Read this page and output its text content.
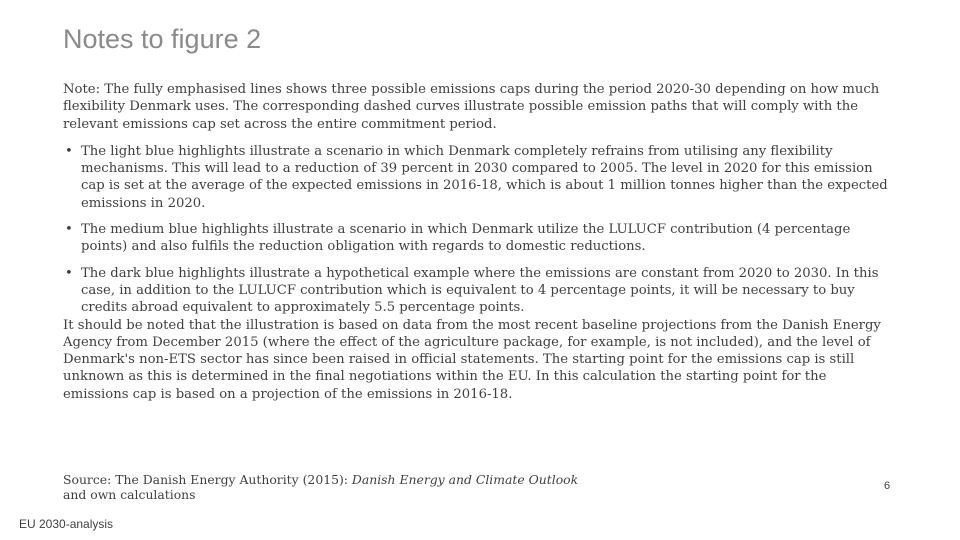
Notes to figure 2

Note: The fully emphasised lines shows three possible emissions caps during the period 2020-30 depending on how much flexibility Denmark uses. The corresponding dashed curves illustrate possible emission paths that will comply with the relevant emissions cap set across the entire commitment period.

• The light blue highlights illustrate a scenario in which Denmark completely refrains from utilising any flexibility mechanisms. This will lead to a reduction of 39 percent in 2030 compared to 2005. The level in 2020 for this emission cap is set at the average of the expected emissions in 2016-18, which is about 1 million tonnes higher than the expected emissions in 2020.
• The medium blue highlights illustrate a scenario in which Denmark utilize the LULUCF contribution (4 percentage points) and also fulfils the reduction obligation with regards to domestic reductions.
• The dark blue highlights illustrate a hypothetical example where the emissions are constant from 2020 to 2030. In this case, in addition to the LULUCF contribution which is equivalent to 4 percentage points, it will be necessary to buy credits abroad equivalent to approximately 5.5 percentage points.

It should be noted that the illustration is based on data from the most recent baseline projections from the Danish Energy Agency from December 2015 (where the effect of the agriculture package, for example, is not included), and the level of Denmark's non-ETS sector has since been raised in official statements. The starting point for the emissions cap is still unknown as this is determined in the final negotiations within the EU. In this calculation the starting point for the emissions cap is based on a projection of the emissions in 2016-18.

Source: The Danish Energy Authority (2015): Danish Energy and Climate Outlook
and own calculations
6
EU 2030-analysis
